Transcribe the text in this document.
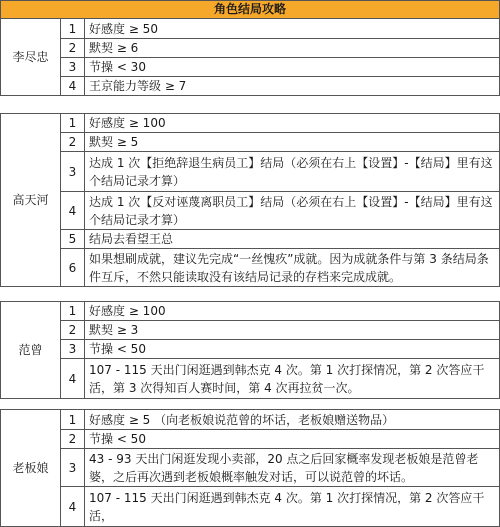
角色结局攻略
李尽忠	1	好感度 ≥ 50
	2	默契 ≥ 6
	3	节操 < 30
	4	王京能力等级 ≥ 7
高天河	1	好感度 ≥ 100
	2	默契 ≥ 5
	3	达成 1 次【拒绝辞退生病员工】结局（必须在右上【设置】-【结局】里有这个结局记录才算）
	4	达成 1 次【反对诬蔑离职员工】结局（必须在右上【设置】-【结局】里有这个结局记录才算）
	5	结局去看望王总
	6	如果想刷成就，建议先完成“一丝愧疚”成就。因为成就条件与第 3 条结局条件互斥，不然只能读取没有该结局记录的存档来完成成就。
范曾	1	好感度 ≥ 100
	2	默契 ≥ 3
	3	节操 < 50
	4	107 - 115 天出门闲逛遇到韩杰克 4 次。第 1 次打探情况，第 2 次答应干活，第 3 次得知百人赛时间，第 4 次再拉贫一次。
老板娘	1	好感度 ≥ 5 （向老板娘说范曾的坏话，老板娘赠送物品）
	2	节操 < 50
	3	43 - 93 天出门闲逛发现小卖部，20 点之后回家概率发现老板娘是范曾老婆，之后再次遇到老板娘概率触发对话，可以说范曾的坏话。
	4	107 - 115 天出门闲逛遇到韩杰克 4 次。第 1 次打探情况，第 2 次答应干活，
